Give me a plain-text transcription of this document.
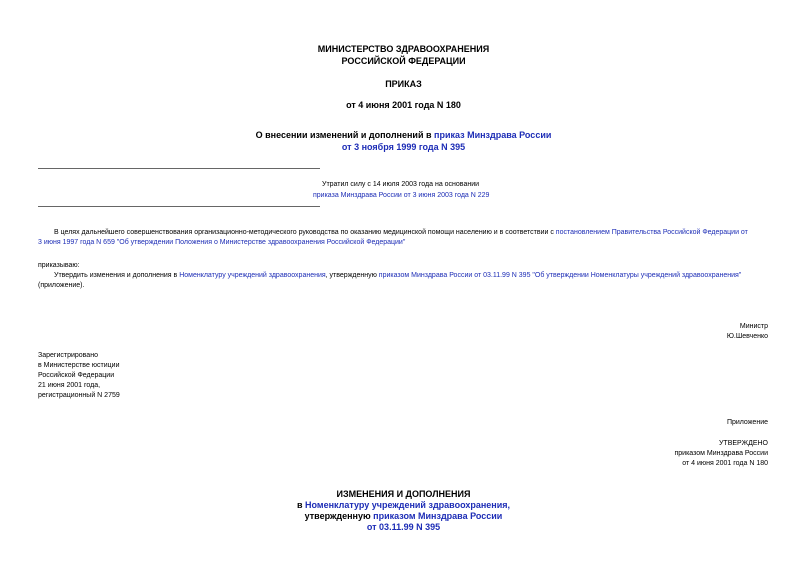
МИНИСТЕРСТВО ЗДРАВООХРАНЕНИЯ
РОССИЙСКОЙ ФЕДЕРАЦИИ
ПРИКАЗ
от 4 июня 2001 года N 180
О внесении изменений и дополнений в приказ Минздрава России
от 3 ноября 1999 года N 395
Утратил силу с 14 июля 2003 года на основании
приказа Минздрава России от 3 июня 2003 года N 229
В целях дальнейшего совершенствования организационно-методического руководства по оказанию медицинской помощи населению и в соответствии с постановлением Правительства Российской Федерации от
3 июня 1997 года N 659 "Об утверждении Положения о Министерстве здравоохранения Российской Федерации"
приказываю:
Утвердить изменения и дополнения в Номенклатуру учреждений здравоохранения, утвержденную приказом Минздрава России от 03.11.99 N 395 "Об утверждении Номенклатуры учреждений здравоохранения"
(приложение).
Министр
Ю.Шевченко
Зарегистрировано
в Министерстве юстиции
Российской Федерации
21 июня 2001 года,
регистрационный N 2759
Приложение
УТВЕРЖДЕНО
приказом Минздрава России
от 4 июня 2001 года N 180
ИЗМЕНЕНИЯ И ДОПОЛНЕНИЯ
в Номенклатуру учреждений здравоохранения,
утвержденную приказом Минздрава России
от 03.11.99 N 395
